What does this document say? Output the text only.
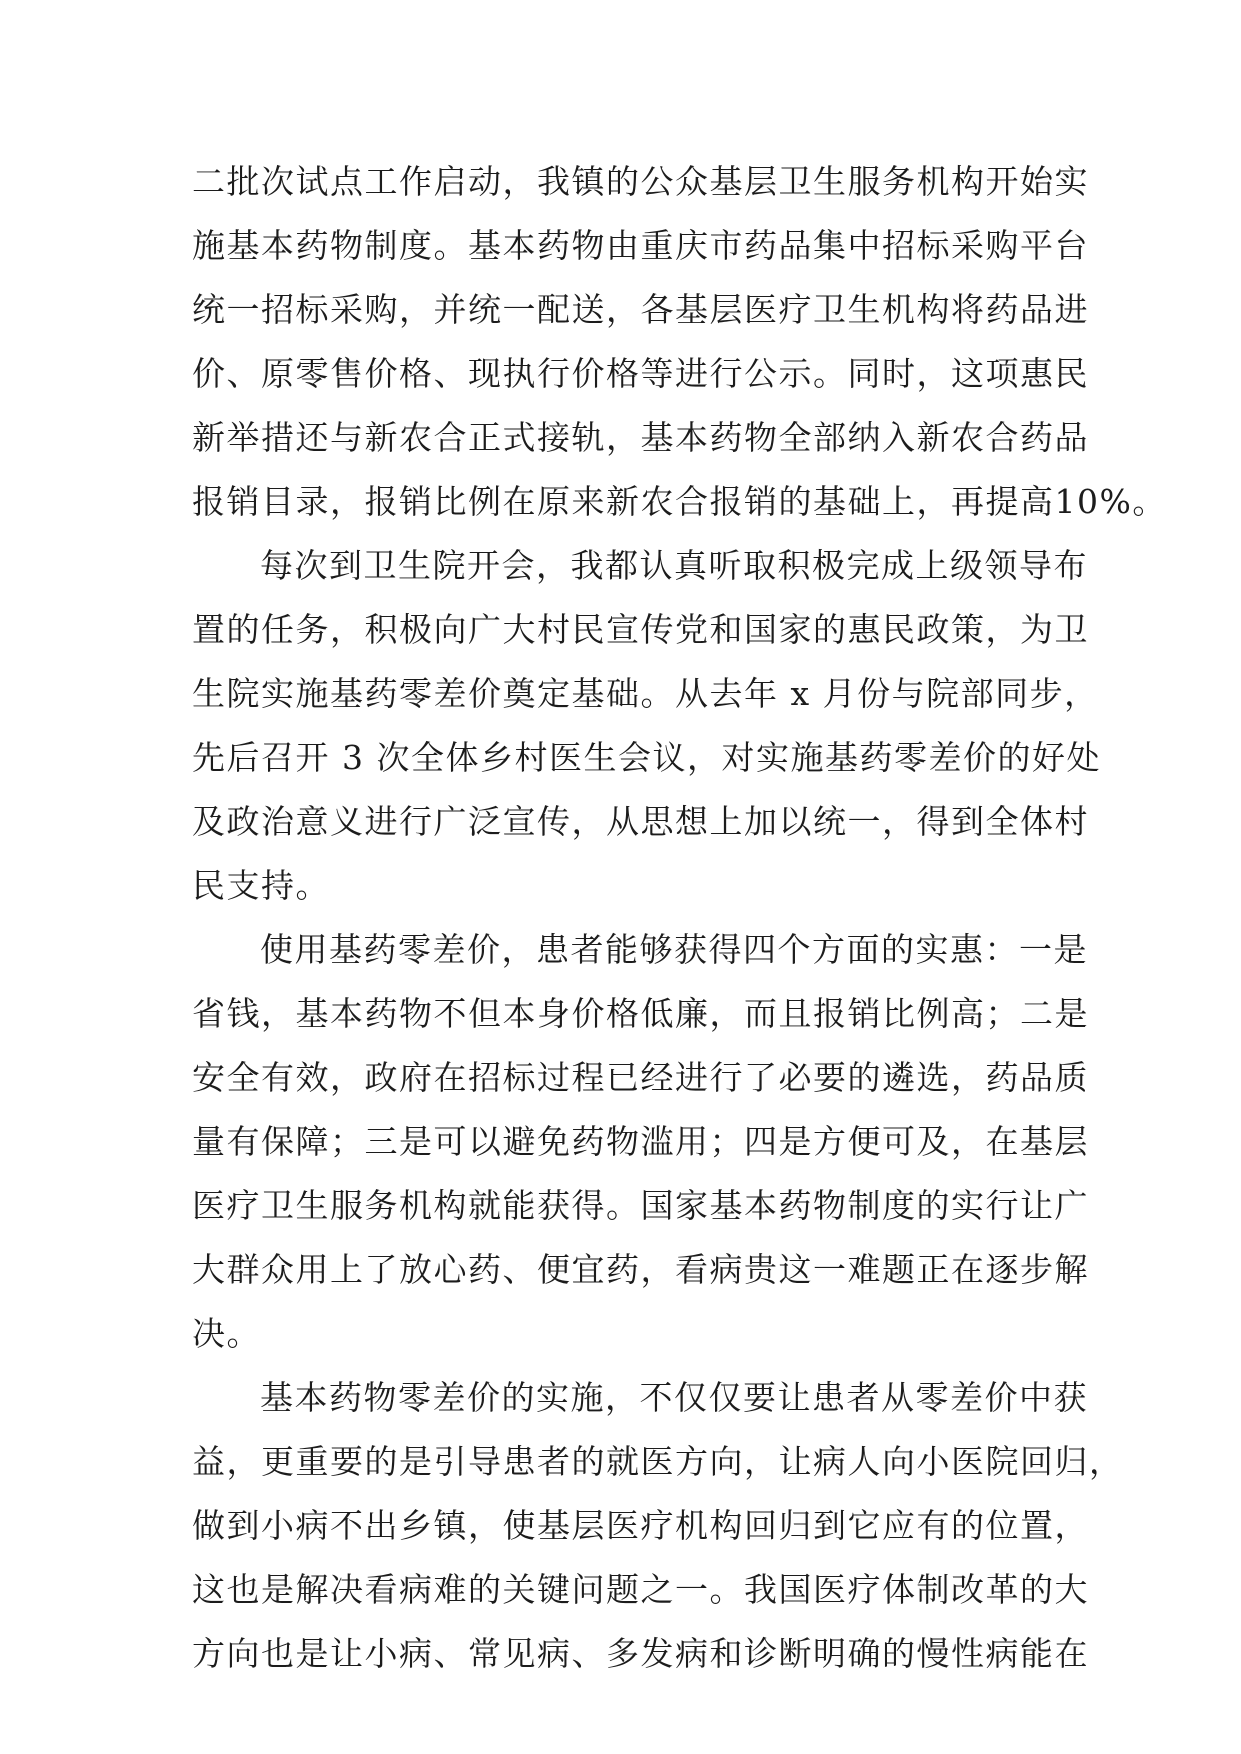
二批次试点工作启动，我镇的公众基层卫生服务机构开始实
施基本药物制度。基本药物由重庆市药品集中招标采购平台
统一招标采购，并统一配送，各基层医疗卫生机构将药品进
价、原零售价格、现执行价格等进行公示。同时，这项惠民
新举措还与新农合正式接轨，基本药物全部纳入新农合药品
报销目录，报销比例在原来新农合报销的基础上，再提高10%。

每次到卫生院开会，我都认真听取积极完成上级领导布
置的任务，积极向广大村民宣传党和国家的惠民政策，为卫
生院实施基药零差价奠定基础。从去年 x 月份与院部同步，
先后召开 3 次全体乡村医生会议，对实施基药零差价的好处
及政治意义进行广泛宣传，从思想上加以统一，得到全体村
民支持。

使用基药零差价，患者能够获得四个方面的实惠：一是
省钱，基本药物不但本身价格低廉，而且报销比例高；二是
安全有效，政府在招标过程已经进行了必要的遴选，药品质
量有保障；三是可以避免药物滥用；四是方便可及，在基层
医疗卫生服务机构就能获得。国家基本药物制度的实行让广
大群众用上了放心药、便宜药，看病贵这一难题正在逐步解
决。

基本药物零差价的实施，不仅仅要让患者从零差价中获
益，更重要的是引导患者的就医方向，让病人向小医院回归，
做到小病不出乡镇，使基层医疗机构回归到它应有的位置，
这也是解决看病难的关键问题之一。我国医疗体制改革的大
方向也是让小病、常见病、多发病和诊断明确的慢性病能在
